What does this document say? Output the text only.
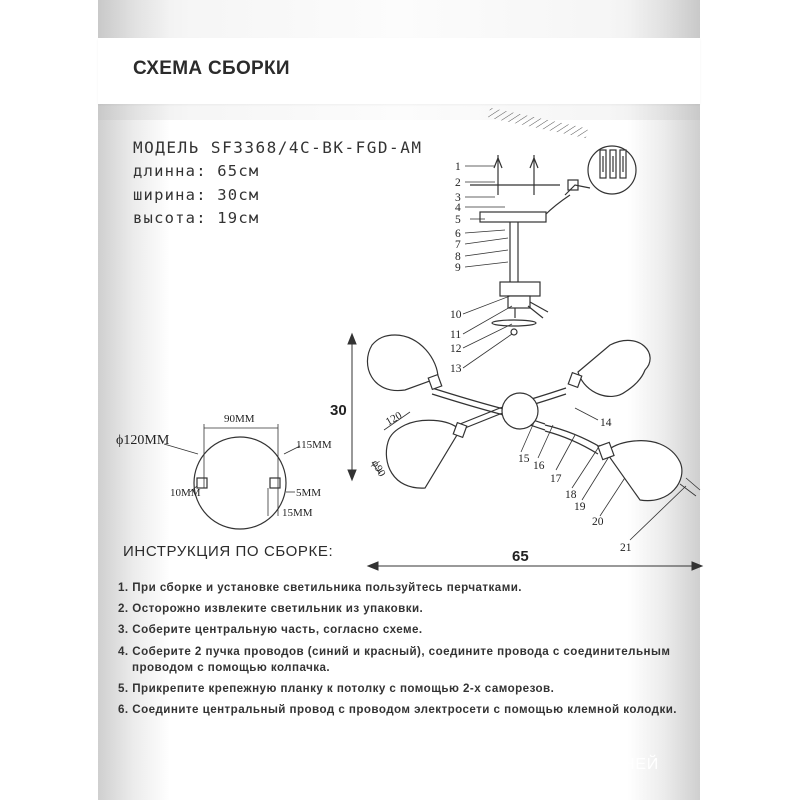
СХЕМА СБОРКИ
МОДЕЛЬ SF3368/4C-BK-FGD-AM
длинна: 65см
ширина: 30см
высота: 19см
1
2
3
4
5
6
7
8
9
10
11
12
13
14
15
16
17
18
19
20
21
90MM
ϕ120MM	115MM
10MM	5MM
15MM
120
ϕ90
30
65
ИНСТРУКЦИЯ ПО СБОРКЕ:
1. При сборке и установке светильника пользуйтесь перчатками.
2. Осторожно извлеките светильник из упаковки.
3. Соберите центральную часть, согласно схеме.
4. Соберите 2 пучка проводов (синий и красный), соедините провода с соединительным
проводом с помощью колпачка.
5. Прикрепите крепежную планку к потолку с помощью 2-х саморезов.
6. Соедините центральный провод с проводом электросети с помощью клемной колодки.
СЕМЬОГНЕЙ
